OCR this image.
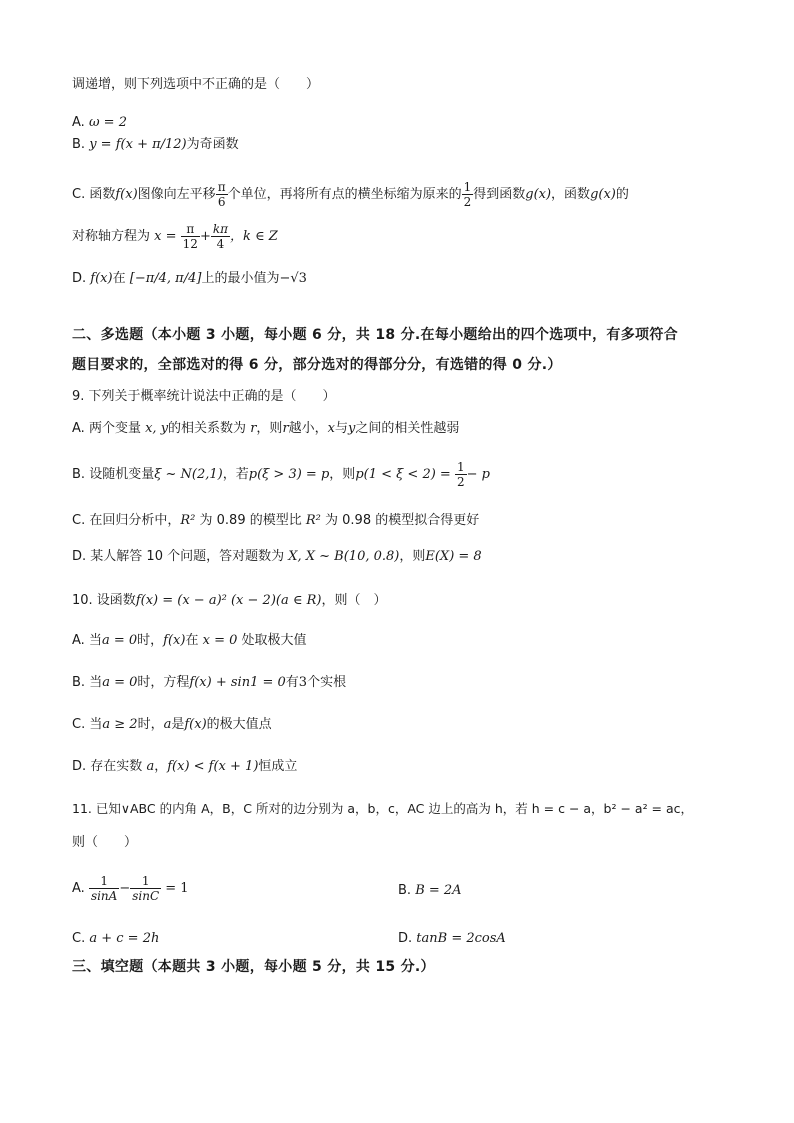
调递增，则下列选项中不正确的是（　　）
A. ω = 2
B. y = f(x + π/12)为奇函数
C. 函数f(x)图像向左平移 $\frac{\pi}{6}$ 个单位，再将所有点的横坐标缩为原来的 $\frac{1}{2}$ 得到函数g(x)，函数g(x)的
对称轴方程为 $x = \frac{\pi}{12} + \frac{k\pi}{4}$ ，k ∈ Z
D. f(x)在 [−π/4, π/4]上的最小值为−√3
二、多选题（本小题 3 小题，每小题 6 分，共 18 分.在每小题给出的四个选项中，有多项符合
题目要求的，全部选对的得 6 分，部分选对的得部分分，有选错的得 0 分.）
9. 下列关于概率统计说法中正确的是（　　）
A. 两个变量 x, y的相关系数为 r，则r越小，x与y之间的相关性越弱
B. 设随机变量ξ ~ N(2,1)，若p(ξ > 3) = p，则$p(1 < \xi < 2) = \frac{1}{2} - p$
C. 在回归分析中，R² 为 0.89 的模型比 R² 为 0.98 的模型拟合得更好
D. 某人解答 10 个问题，答对题数为 X, X ~ B(10, 0.8)，则E(X) = 8
10. 设函数f(x) = (x − a)² (x − 2)(a ∈ R)，则（　）
A. 当a = 0时，f(x)在 x = 0 处取极大值
B. 当a = 0时，方程f(x) + sin1 = 0有3个实根
C. 当a ≥ 2时，a是f(x)的极大值点
D. 存在实数 a，f(x) < f(x + 1)恒成立
11. 已知∨ABC 的内角 A，B，C 所对的边分别为 a，b，c，AC 边上的高为 h，若 h = c − a，b² − a² = ac，
则（　　）
A. $\frac{1}{\sin A} - \frac{1}{\sin C} = 1$	B. B = 2A
C. a + c = 2h	D. tanB = 2cosA
三、填空题（本题共 3 小题，每小题 5 分，共 15 分.）
